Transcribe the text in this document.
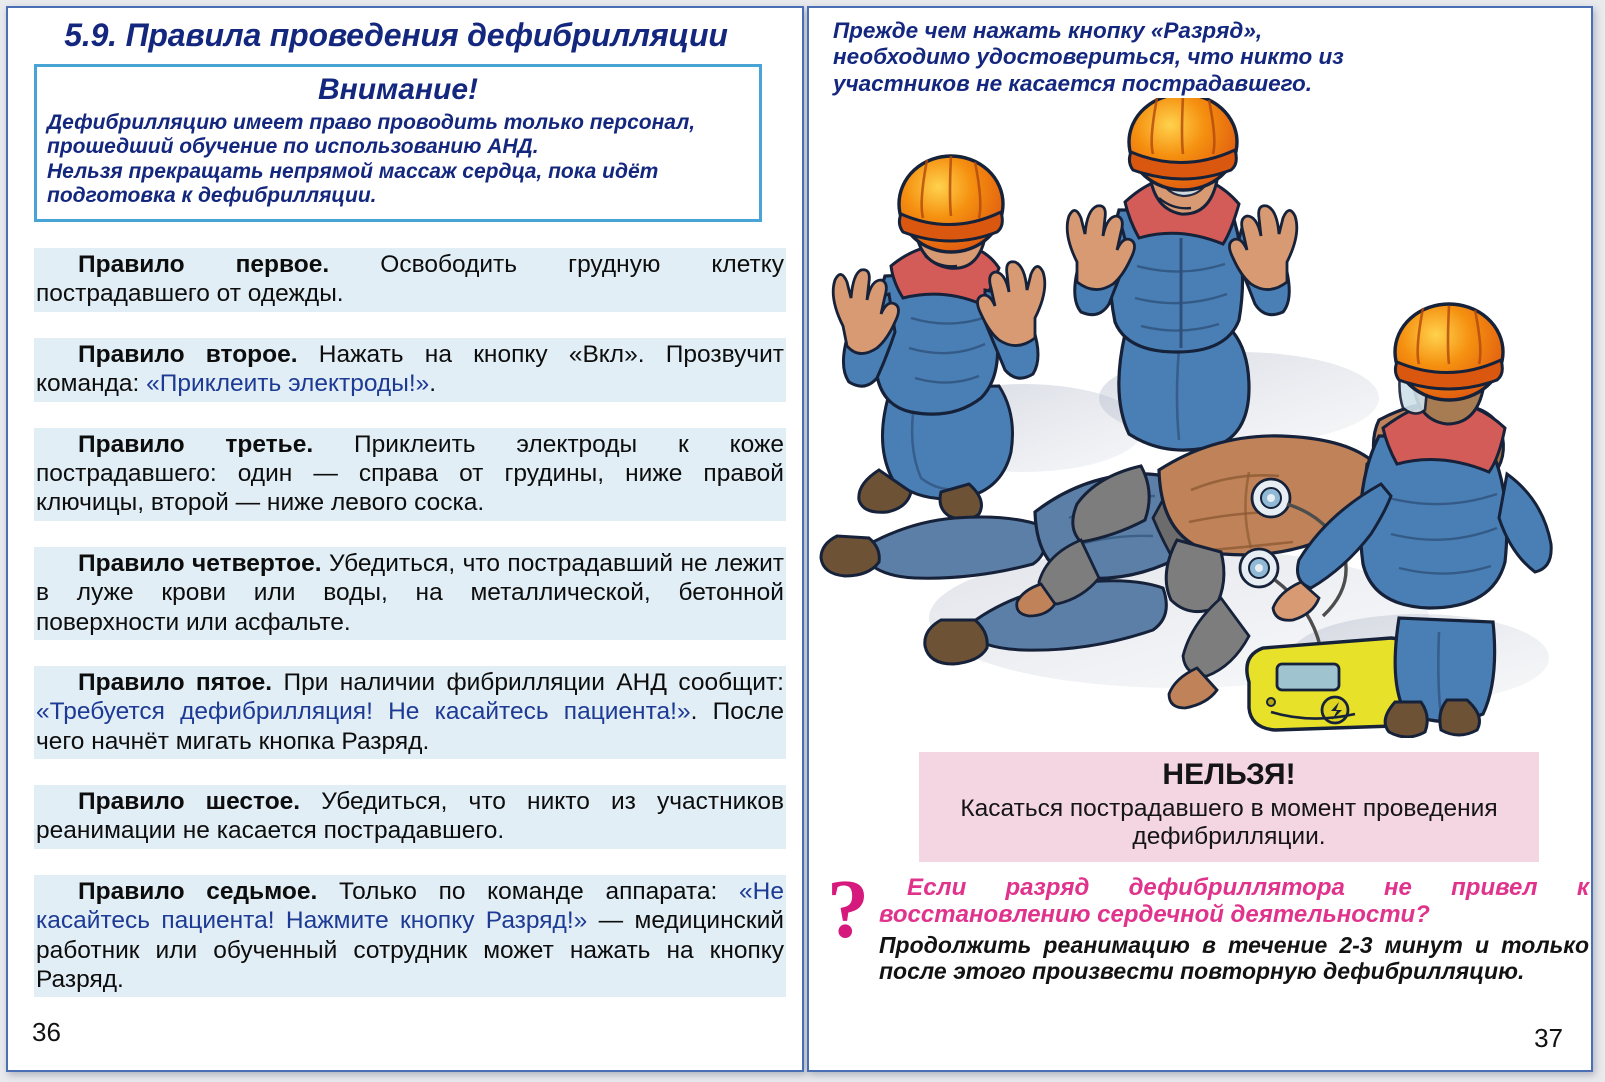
5.9. Правила проведения дефибрилляции
Внимание!

Дефибрилляцию имеет право проводить только персонал, прошедший обучение по использованию АНД.

Нельзя прекращать непрямой массаж сердца, пока идёт подготовка к дефибрилляции.

Правило первое. Освободить грудную клетку пострадавшего от одежды.
Правило второе. Нажать на кнопку «Вкл». Прозвучит команда: «Приклеить электроды!».
Правило третье. Приклеить электроды к коже пострадавшего: один — справа от грудины, ниже правой ключицы, второй — ниже левого соска.
Правило четвертое. Убедиться, что пострадавший не лежит в луже крови или воды, на металлической, бетонной поверхности или асфальте.
Правило пятое. При наличии фибрилляции АНД сообщит: «Требуется дефибрилляция! Не касайтесь пациента!». После чего начнёт мигать кнопка Разряд.
Правило шестое. Убедиться, что никто из участников реанимации не касается пострадавшего.
Правило седьмое. Только по команде аппарата: «Не касайтесь пациента! Нажмите кнопку Разряд!» — медицинский работник или обученный сотрудник может нажать на кнопку Разряд.
36
Прежде чем нажать кнопку «Разряд», необходимо удостовериться, что никто из участников не касается пострадавшего.
НЕЛЬЗЯ!
Касаться пострадавшего в момент проведения дефибрилляции.
?	Если разряд дефибриллятора не привел к восстановлению сердечной деятельности?
Продолжить реанимацию в течение 2-3 минут и только после этого произвести повторную дефибрилляцию.
37
